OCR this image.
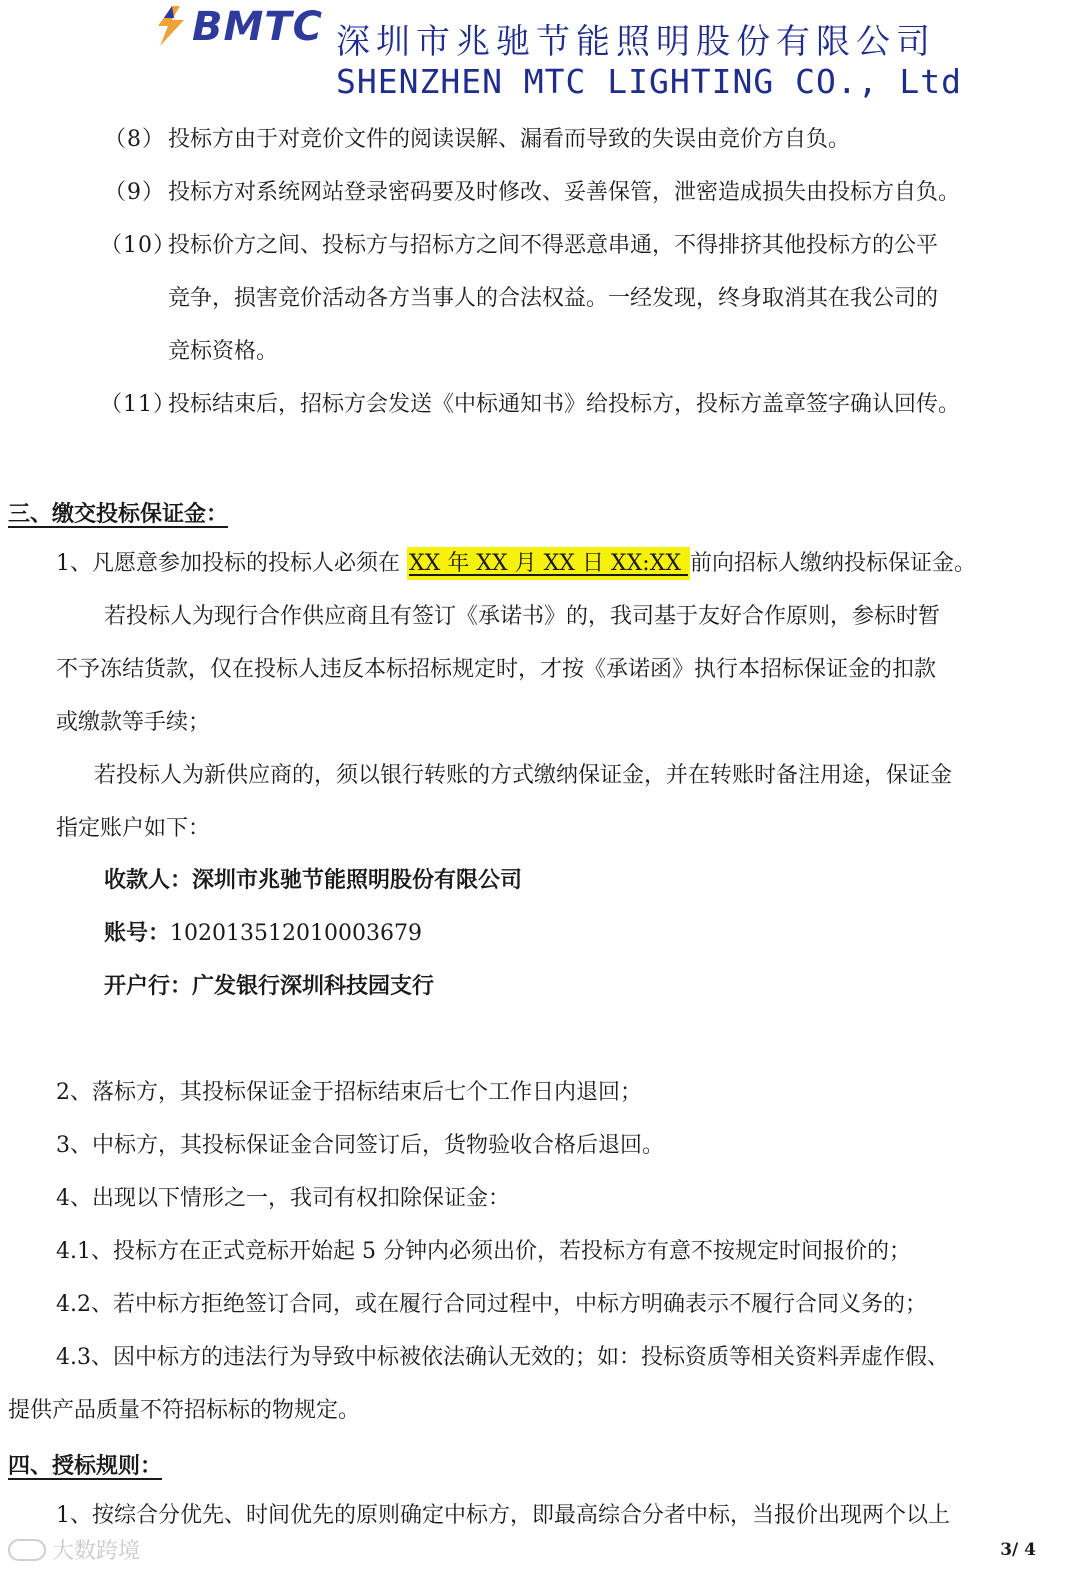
BMTC 深圳市兆驰节能照明股份有限公司
SHENZHEN MTC LIGHTING CO., Ltd
（8） 投标方由于对竞价文件的阅读误解、漏看而导致的失误由竞价方自负。
（9） 投标方对系统网站登录密码要及时修改、妥善保管，泄密造成损失由投标方自负。
（10）
投标价方之间、投标方与招标方之间不得恶意串通，不得排挤其他投标方的公平
竞争，损害竞价活动各方当事人的合法权益。一经发现，终身取消其在我公司的
竞标资格。
（11）
投标结束后，招标方会发送《中标通知书》给投标方，投标方盖章签字确认回传。
三、缴交投标保证金：
1、凡愿意参加投标的投标人必须在 XX 年 XX 月 XX 日 XX:XX 前向招标人缴纳投标保证金。
若投标人为现行合作供应商且有签订《承诺书》的，我司基于友好合作原则，参标时暂
不予冻结货款，仅在投标人违反本标招标规定时，才按《承诺函》执行本招标保证金的扣款
或缴款等手续；
若投标人为新供应商的，须以银行转账的方式缴纳保证金，并在转账时备注用途，保证金
指定账户如下：
收款人：深圳市兆驰节能照明股份有限公司
账号：102013512010003679
开户行：广发银行深圳科技园支行
2、落标方，其投标保证金于招标结束后七个工作日内退回；
3、中标方，其投标保证金合同签订后，货物验收合格后退回。
4、出现以下情形之一，我司有权扣除保证金：
4.1、投标方在正式竞标开始起 5 分钟内必须出价，若投标方有意不按规定时间报价的；
4.2、若中标方拒绝签订合同，或在履行合同过程中，中标方明确表示不履行合同义务的；
4.3、因中标方的违法行为导致中标被依法确认无效的；如：投标资质等相关资料弄虚作假、
提供产品质量不符招标标的物规定。
四、授标规则：
1、按综合分优先、时间优先的原则确定中标方，即最高综合分者中标，当报价出现两个以上
大数跨境	3/ 4
